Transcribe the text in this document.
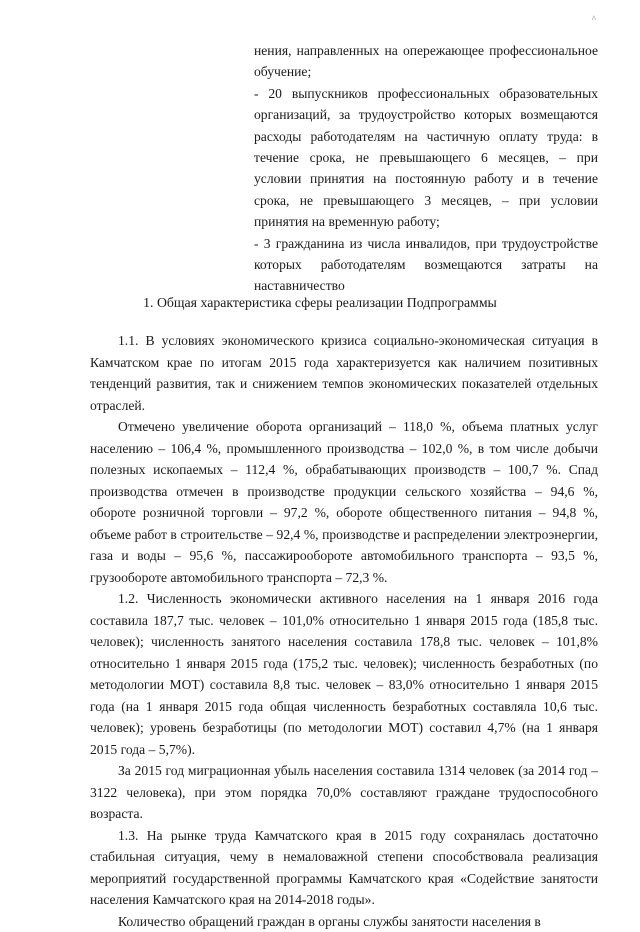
^

нения, направленных на опережающее профессиональное обучение;

- 20 выпускников профессиональных образовательных организаций, за трудоустройство которых возмещаются расходы работодателям на частичную оплату труда: в течение срока, не превышающего 6 месяцев, – при условии принятия на постоянную работу и в течение срока, не превышающего 3 месяцев, – при условии принятия на временную работу;

- 3 гражданина из числа инвалидов, при трудоустройстве которых работодателям возмещаются затраты на наставничество

1. Общая характеристика сферы реализации Подпрограммы

1.1. В условиях экономического кризиса социально-экономическая ситуация в Камчатском крае по итогам 2015 года характеризуется как наличием позитивных тенденций развития, так и снижением темпов экономических показателей отдельных отраслей.

Отмечено увеличение оборота организаций – 118,0 %, объема платных услуг населению – 106,4 %, промышленного производства – 102,0 %, в том числе добычи полезных ископаемых – 112,4 %, обрабатывающих производств – 100,7 %. Спад производства отмечен в производстве продукции сельского хозяйства – 94,6 %, обороте розничной торговли – 97,2 %, обороте общественного питания – 94,8 %, объеме работ в строительстве – 92,4 %, производстве и распределении электроэнергии, газа и воды – 95,6 %, пассажирообороте автомобильного транспорта – 93,5 %, грузообороте автомобильного транспорта – 72,3 %.

1.2. Численность экономически активного населения на 1 января 2016 года составила 187,7 тыс. человек – 101,0% относительно 1 января 2015 года (185,8 тыс. человек); численность занятого населения составила 178,8 тыс. человек – 101,8% относительно 1 января 2015 года (175,2 тыс. человек); численность безработных (по методологии МОТ) составила 8,8 тыс. человек – 83,0% относительно 1 января 2015 года (на 1 января 2015 года общая численность безработных составляла 10,6 тыс. человек); уровень безработицы (по методологии МОТ) составил 4,7% (на 1 января 2015 года – 5,7%).

За 2015 год миграционная убыль населения составила 1314 человек (за 2014 год – 3122 человека), при этом порядка 70,0% составляют граждане трудоспособного возраста.

1.3. На рынке труда Камчатского края в 2015 году сохранялась достаточно стабильная ситуация, чему в немаловажной степени способствовала реализация мероприятий государственной программы Камчатского края «Содействие занятости населения Камчатского края на 2014-2018 годы».

Количество обращений граждан в органы службы занятости населения в
